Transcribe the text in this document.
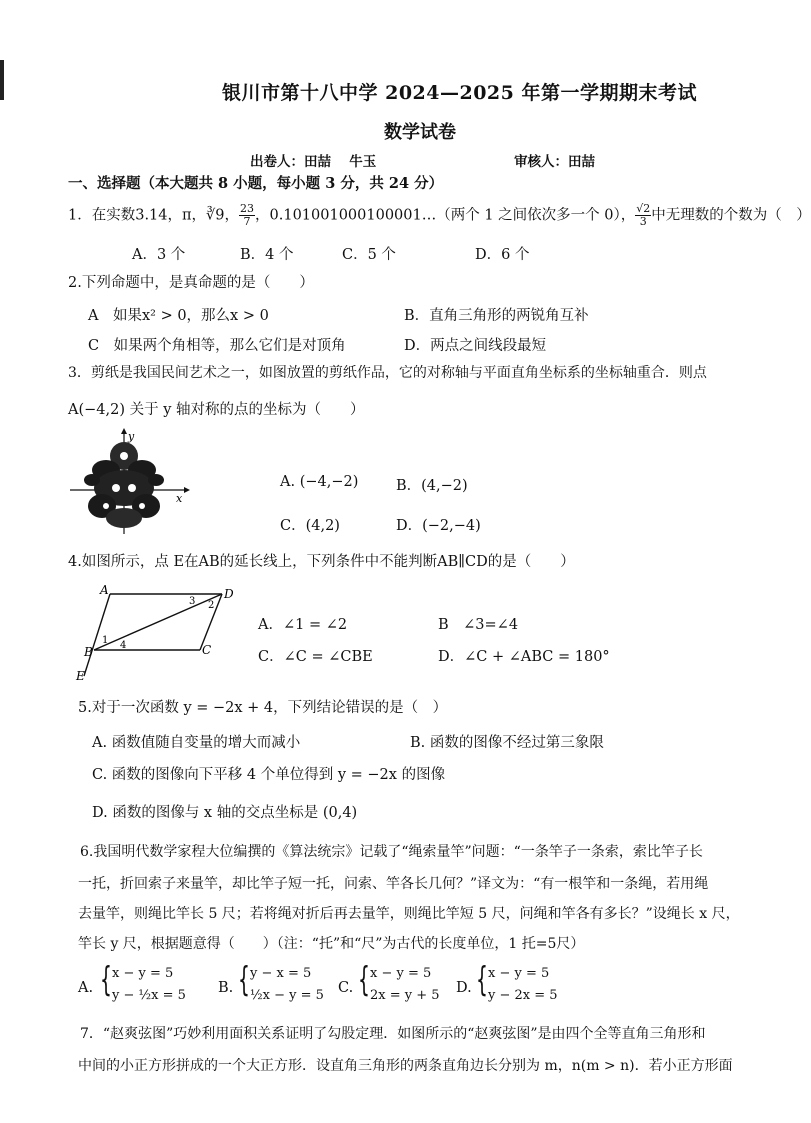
银川市第十八中学 2024—2025 年第一学期期末考试
数学试卷
出卷人：田喆　 牛玉	审核人：田喆
一、选择题（本大题共 8 小题，每小题 3 分，共 24 分）
1．在实数3.14，π，∛9， $\frac{23}{7}$ ，0.101001000100001…（两个 1 之间依次多一个 0）， $\frac{√2}{3}$ 中无理数的个数为（　）
A．3 个	B．4 个	C．5 个	D．6 个
2.下列命题中，是真命题的是（　　）
A　如果x² > 0，那么x > 0	B．直角三角形的两锐角互补
C　如果两个角相等，那么它们是对顶角	D．两点之间线段最短
3．剪纸是我国民间艺术之一，如图放置的剪纸作品，它的对称轴与平面直角坐标系的坐标轴重合．则点
A(−4,2) 关于 y 轴对称的点的坐标为（　　）
y
x
A. (−4,−2)	B．(4,−2)
C．(4,2)	D．(−2,−4)
4.如图所示，点 E在AB的延长线上，下列条件中不能判断AB∥CD的是（　　）
A	D
B	C
E
1
2
3
4
A．∠1 = ∠2	B　∠3=∠4
C．∠C = ∠CBE	D．∠C + ∠ABC = 180°
5.对于一次函数 y = −2x + 4，下列结论错误的是（　）
A. 函数值随自变量的增大而减小	B. 函数的图像不经过第三象限
C. 函数的图像向下平移 4 个单位得到 y = −2x 的图像
D. 函数的图像与 x 轴的交点坐标是 (0,4)
6.我国明代数学家程大位编撰的《算法统宗》记载了“绳索量竿”问题：“一条竿子一条索，索比竿子长
一托，折回索子来量竿，却比竿子短一托，问索、竿各长几何？”译文为：“有一根竿和一条绳，若用绳
去量竿，则绳比竿长 5 尺；若将绳对折后再去量竿，则绳比竿短 5 尺，问绳和竿各有多长？”设绳长 x 尺，
竿长 y 尺，根据题意得（　　）（注：“托”和“尺”为古代的长度单位，1 托=5尺）
A. { x − y = 5
y − ½x = 5 B. { y − x = 5
½x − y = 5 C. { x − y = 5
2x = y + 5 D. { x − y = 5
y − 2x = 5
7．“赵爽弦图”巧妙利用面积关系证明了勾股定理．如图所示的“赵爽弦图”是由四个全等直角三角形和
中间的小正方形拼成的一个大正方形．设直角三角形的两条直角边长分别为 m，n(m > n)．若小正方形面
